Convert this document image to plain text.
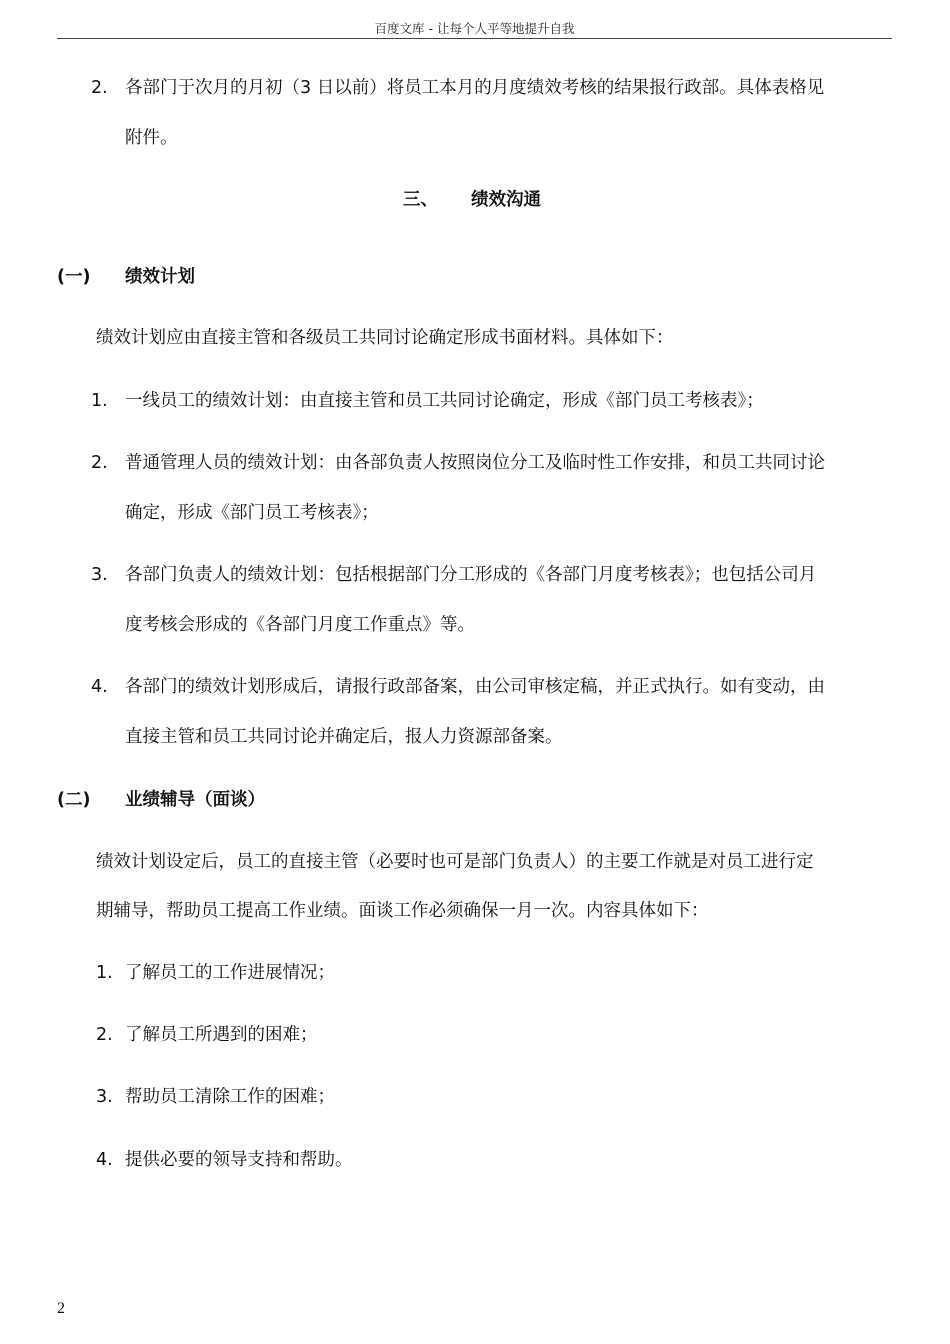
百度文库 - 让每个人平等地提升自我
2. 各部门于次月的月初（3 日以前）将员工本月的月度绩效考核的结果报行政部。具体表格见
附件。
三、 绩效沟通
(一) 绩效计划
绩效计划应由直接主管和各级员工共同讨论确定形成书面材料。具体如下：
1. 一线员工的绩效计划：由直接主管和员工共同讨论确定，形成《部门员工考核表》；
2. 普通管理人员的绩效计划：由各部负责人按照岗位分工及临时性工作安排，和员工共同讨论
确定，形成《部门员工考核表》；
3. 各部门负责人的绩效计划：包括根据部门分工形成的《各部门月度考核表》；也包括公司月
度考核会形成的《各部门月度工作重点》等。
4. 各部门的绩效计划形成后，请报行政部备案，由公司审核定稿，并正式执行。如有变动，由
直接主管和员工共同讨论并确定后，报人力资源部备案。
(二) 业绩辅导（面谈）
绩效计划设定后，员工的直接主管（必要时也可是部门负责人）的主要工作就是对员工进行定
期辅导，帮助员工提高工作业绩。面谈工作必须确保一月一次。内容具体如下：
1. 了解员工的工作进展情况；
2. 了解员工所遇到的困难；
3. 帮助员工清除工作的困难；
4. 提供必要的领导支持和帮助。
2
